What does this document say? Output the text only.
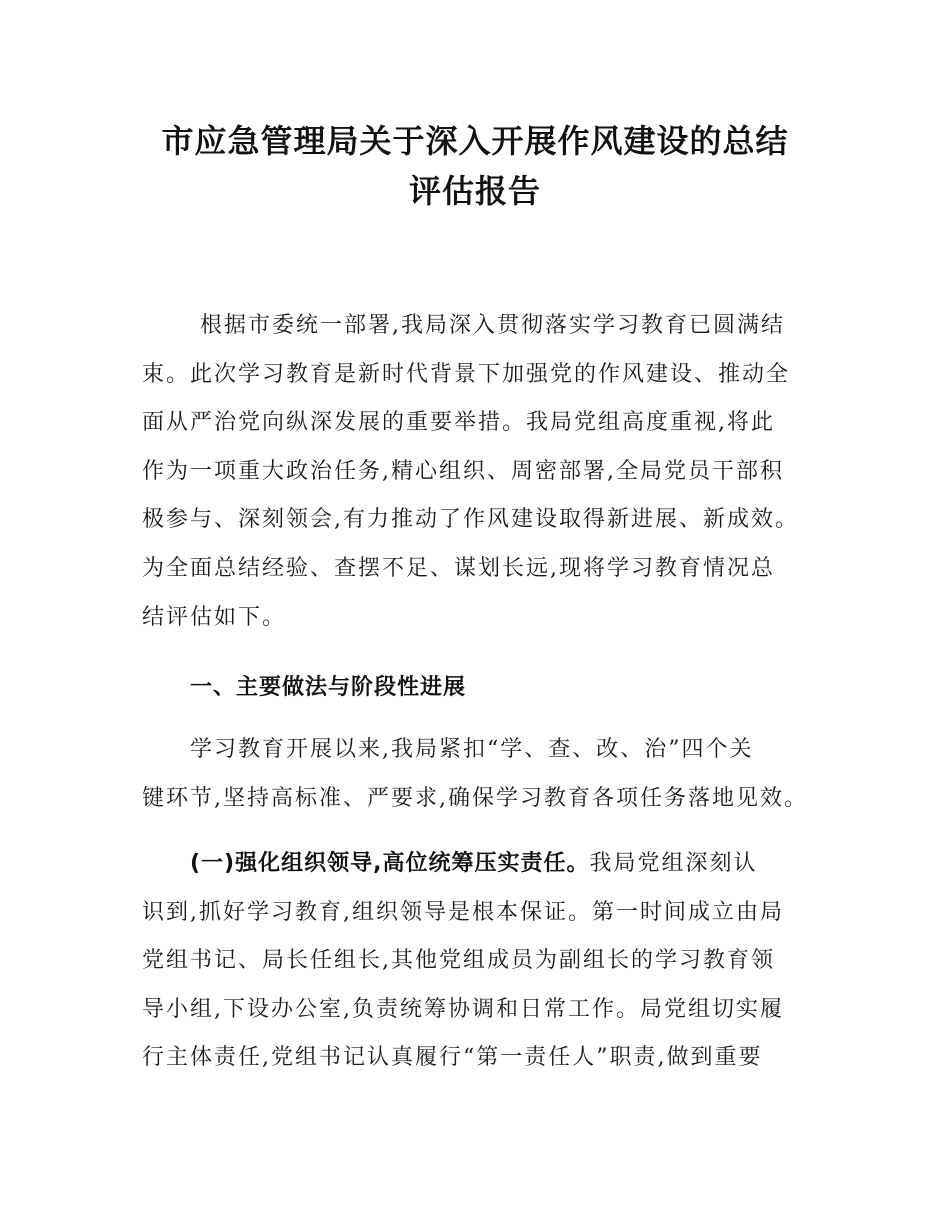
市应急管理局关于深入开展作风建设的总结
评估报告
根据市委统一部署,我局深入贯彻落实学习教育已圆满结
束。此次学习教育是新时代背景下加强党的作风建设、推动全
面从严治党向纵深发展的重要举措。我局党组高度重视,将此
作为一项重大政治任务,精心组织、周密部署,全局党员干部积
极参与、深刻领会,有力推动了作风建设取得新进展、新成效。
为全面总结经验、查摆不足、谋划长远,现将学习教育情况总
结评估如下。
一、主要做法与阶段性进展
学习教育开展以来,我局紧扣“学、查、改、治”四个关
键环节,坚持高标准、严要求,确保学习教育各项任务落地见效。
(一)强化组织领导,高位统筹压实责任。我局党组深刻认
识到,抓好学习教育,组织领导是根本保证。第一时间成立由局
党组书记、局长任组长,其他党组成员为副组长的学习教育领
导小组,下设办公室,负责统筹协调和日常工作。局党组切实履
行主体责任,党组书记认真履行“第一责任人”职责,做到重要
